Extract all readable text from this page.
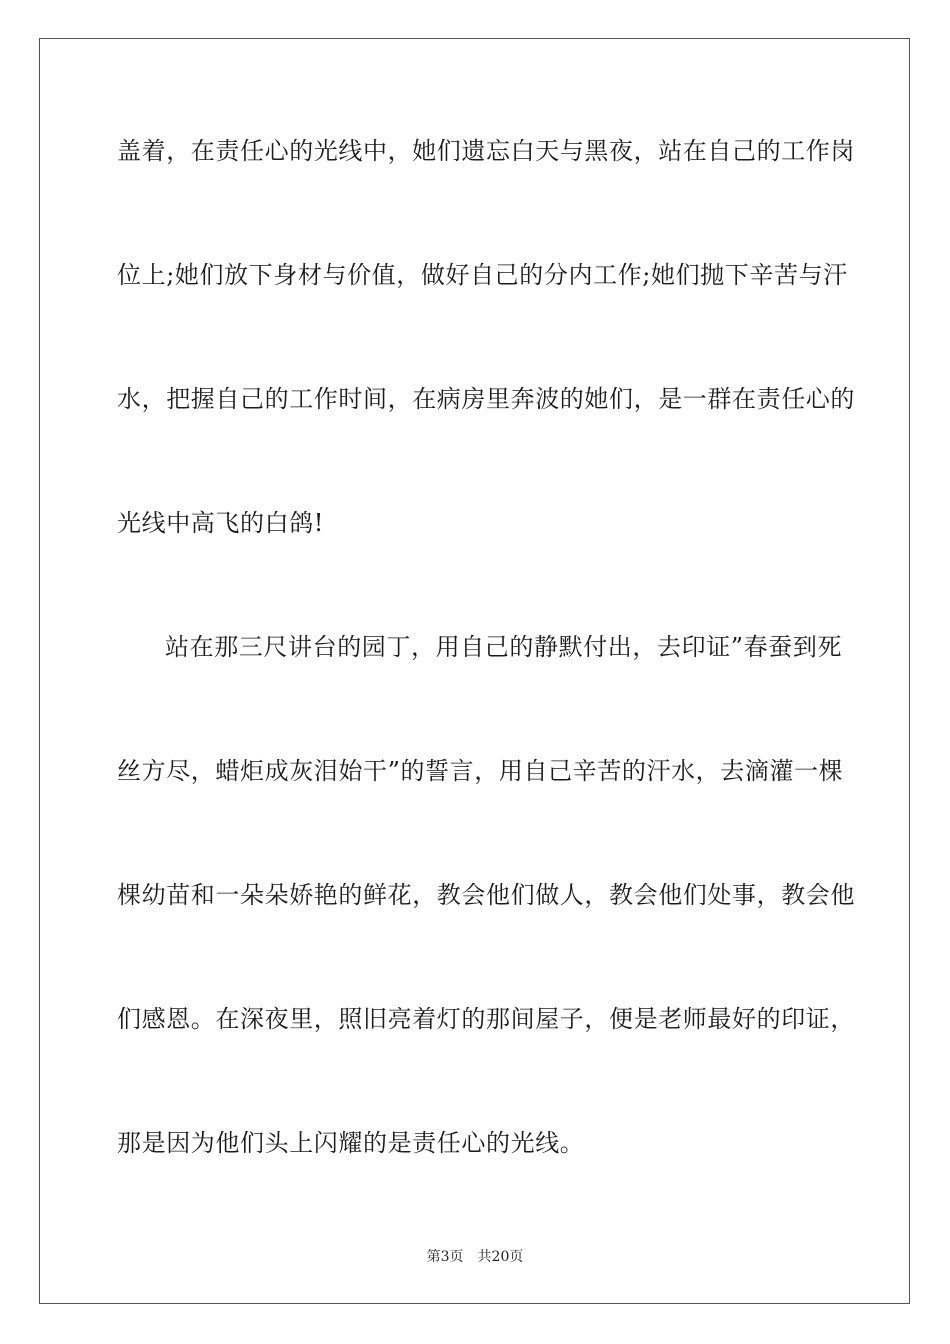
盖着，在责任心的光线中，她们遗忘白天与黑夜，站在自己的工作岗
位上;她们放下身材与价值，做好自己的分内工作;她们抛下辛苦与汗
水，把握自己的工作时间，在病房里奔波的她们，是一群在责任心的
光线中高飞的白鸽!
站在那三尺讲台的园丁，用自己的静默付出，去印证”春蚕到死
丝方尽，蜡炬成灰泪始干”的誓言，用自己辛苦的汗水，去滴灌一棵
棵幼苗和一朵朵娇艳的鲜花，教会他们做人，教会他们处事，教会他
们感恩。在深夜里，照旧亮着灯的那间屋子，便是老师最好的印证，
那是因为他们头上闪耀的是责任心的光线。
第3页 共20页
